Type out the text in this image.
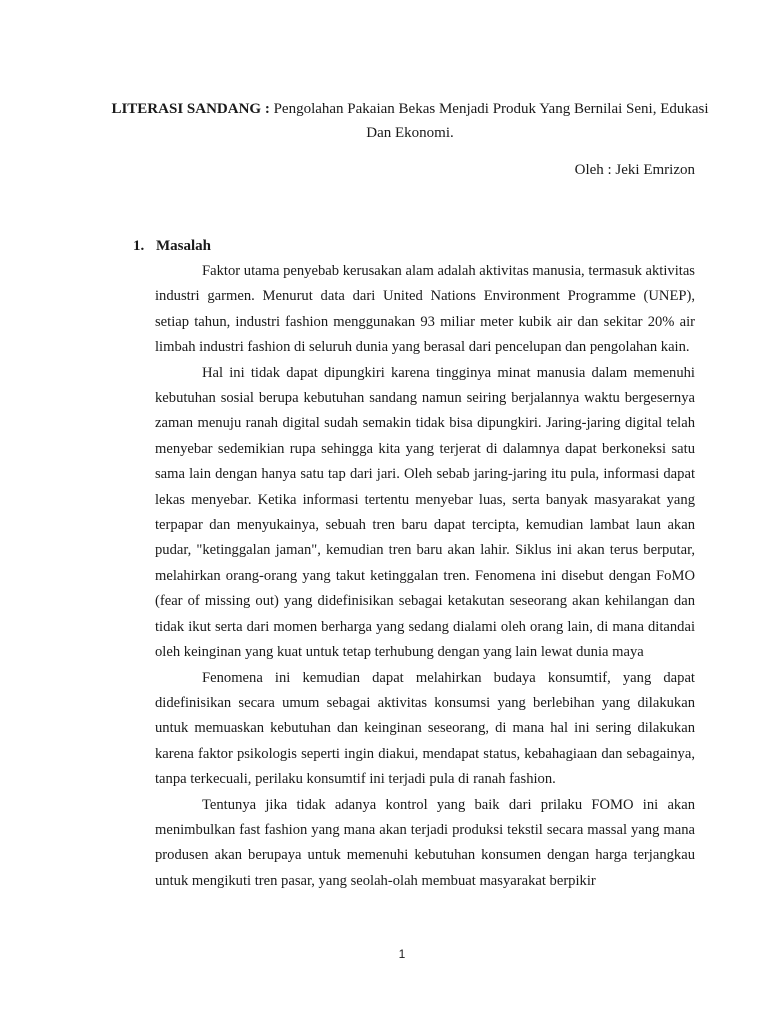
LITERASI SANDANG : Pengolahan Pakaian Bekas Menjadi Produk Yang Bernilai Seni, Edukasi Dan Ekonomi.
Oleh : Jeki Emrizon
1. Masalah

Faktor utama penyebab kerusakan alam adalah aktivitas manusia, termasuk aktivitas industri garmen. Menurut data dari United Nations Environment Programme (UNEP), setiap tahun, industri fashion menggunakan 93 miliar meter kubik air dan sekitar 20% air limbah industri fashion di seluruh dunia yang berasal dari pencelupan dan pengolahan kain.

Hal ini tidak dapat dipungkiri karena tingginya minat manusia dalam memenuhi kebutuhan sosial berupa kebutuhan sandang namun seiring berjalannya waktu bergesernya zaman menuju ranah digital sudah semakin tidak bisa dipungkiri. Jaring-jaring digital telah menyebar sedemikian rupa sehingga kita yang terjerat di dalamnya dapat berkoneksi satu sama lain dengan hanya satu tap dari jari. Oleh sebab jaring-jaring itu pula, informasi dapat lekas menyebar. Ketika informasi tertentu menyebar luas, serta banyak masyarakat yang terpapar dan menyukainya, sebuah tren baru dapat tercipta, kemudian lambat laun akan pudar, "ketinggalan jaman", kemudian tren baru akan lahir. Siklus ini akan terus berputar, melahirkan orang-orang yang takut ketinggalan tren. Fenomena ini disebut dengan FoMO (fear of missing out) yang didefinisikan sebagai ketakutan seseorang akan kehilangan dan tidak ikut serta dari momen berharga yang sedang dialami oleh orang lain, di mana ditandai oleh keinginan yang kuat untuk tetap terhubung dengan yang lain lewat dunia maya

Fenomena ini kemudian dapat melahirkan budaya konsumtif, yang dapat didefinisikan secara umum sebagai aktivitas konsumsi yang berlebihan yang dilakukan untuk memuaskan kebutuhan dan keinginan seseorang, di mana hal ini sering dilakukan karena faktor psikologis seperti ingin diakui, mendapat status, kebahagiaan dan sebagainya, tanpa terkecuali, perilaku konsumtif ini terjadi pula di ranah fashion.

Tentunya jika tidak adanya kontrol yang baik dari prilaku FOMO ini akan menimbulkan fast fashion yang mana akan terjadi produksi tekstil secara massal yang mana produsen akan berupaya untuk memenuhi kebutuhan konsumen dengan harga terjangkau untuk mengikuti tren pasar, yang seolah-olah membuat masyarakat berpikir

1
